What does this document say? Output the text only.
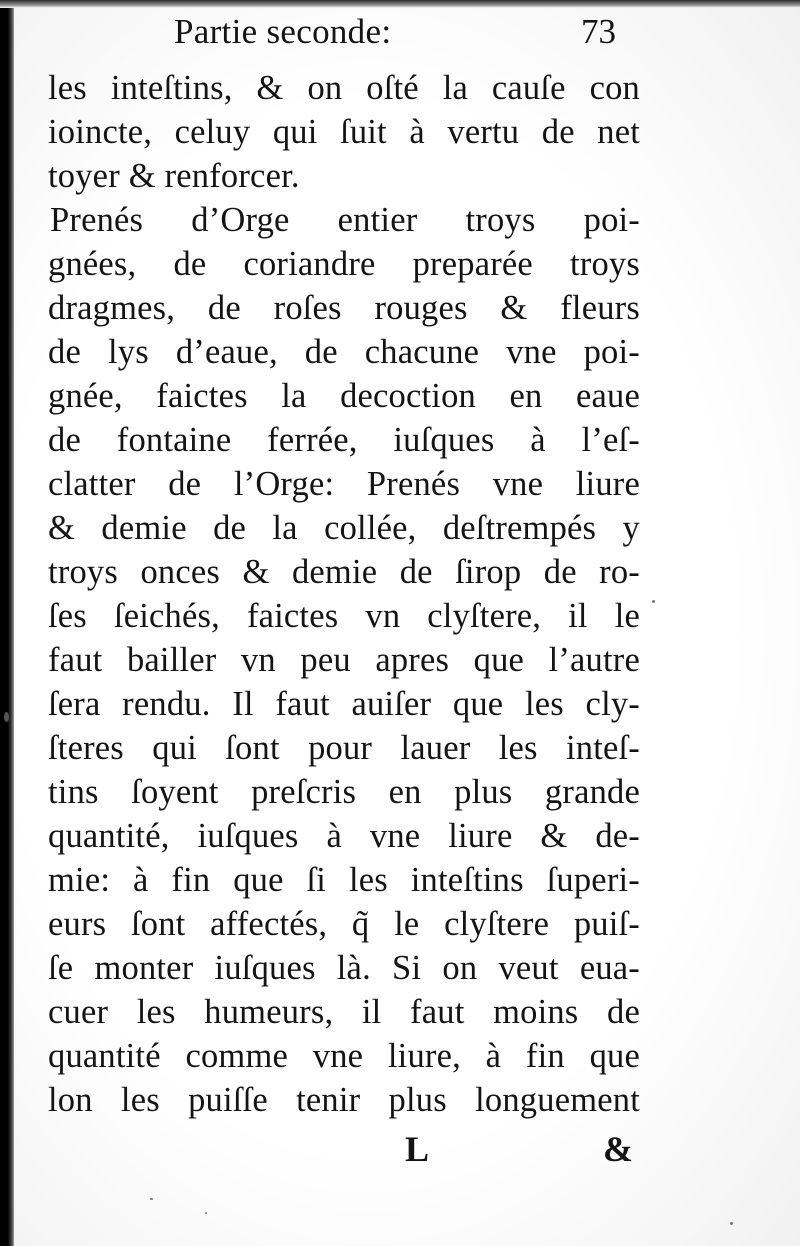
Partie seconde:	73
les inteſtins, & on oſté la cauſe con
ioincte, celuy qui ſuit à vertu de net
toyer & renforcer.
Prenés d’Orge entier troys poi-
gnées, de coriandre preparée troys
dragmes, de roſes rouges & fleurs
de lys d’eaue, de chacune vne poi-
gnée, faictes la decoction en eaue
de fontaine ferrée, iuſques à l’eſ-
clatter de l’Orge: Prenés vne liure
& demie de la collée, deſtrempés y
troys onces & demie de ſirop de ro-
ſes ſeichés, faictes vn clyſtere, il le
faut bailler vn peu apres que l’autre
ſera rendu. Il faut auiſer que les cly-
ſteres qui ſont pour lauer les inteſ-
tins ſoyent preſcris en plus grande
quantité, iuſques à vne liure & de-
mie: à fin que ſi les inteſtins ſuperi-
eurs ſont affectés, q̃ le clyſtere puiſ-
ſe monter iuſques là. Si on veut eua-
cuer les humeurs, il faut moins de
quantité comme vne liure, à fin que
lon les puiſſe tenir plus longuement
L	&
